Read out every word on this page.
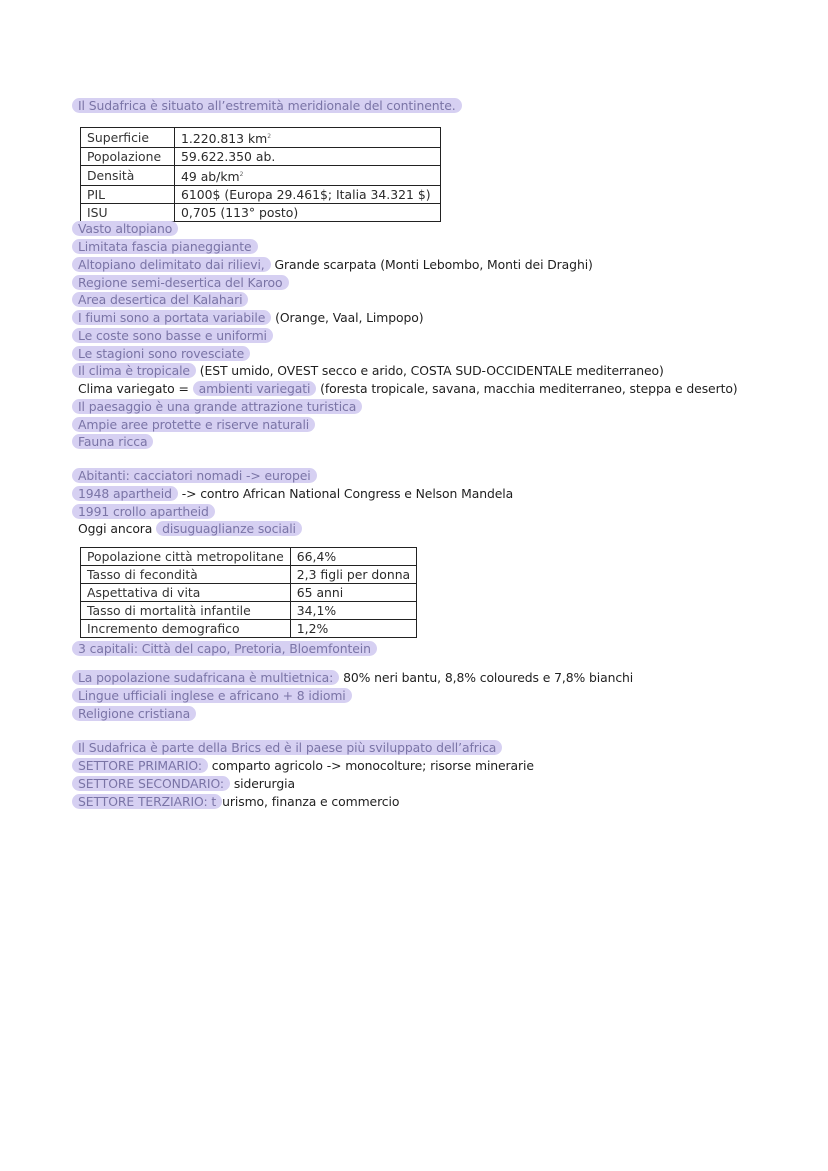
Il Sudafrica è situato all’estremità meridionale del continente.
Superficie	1.220.813 $km^2$
Popolazione	59.622.350 ab.
Densità	49 $ab/km^2$
PIL	6100$ (Europa 29.461$; Italia 34.321 $)
ISU	0,705 (113° posto)
Vasto altopiano
Limitata fascia pianeggiante
Altopiano delimitato dai rilievi, Grande scarpata (Monti Lebombo, Monti dei Draghi)
Regione semi-desertica del Karoo
Area desertica del Kalahari
I fiumi sono a portata variabile (Orange, Vaal, Limpopo)
Le coste sono basse e uniformi
Le stagioni sono rovesciate
Il clima è tropicale (EST umido, OVEST secco e arido, COSTA SUD-OCCIDENTALE mediterraneo)
Clima variegato = ambienti variegati (foresta tropicale, savana, macchia mediterraneo, steppa e deserto)
Il paesaggio è una grande attrazione turistica
Ampie aree protette e riserve naturali
Fauna ricca
Abitanti: cacciatori nomadi -> europei
1948 apartheid -> contro African National Congress e Nelson Mandela
1991 crollo apartheid
Oggi ancora disuguaglianze sociali
Popolazione città metropolitane	66,4%
Tasso di fecondità	2,3 figli per donna
Aspettativa di vita	65 anni
Tasso di mortalità infantile	34,1%
Incremento demografico	1,2%
3 capitali: Città del capo, Pretoria, Bloemfontein
La popolazione sudafricana è multietnica: 80% neri bantu, 8,8% coloureds e 7,8% bianchi
Lingue ufficiali inglese e africano + 8 idiomi
Religione cristiana
Il Sudafrica è parte della Brics ed è il paese più sviluppato dell’africa
SETTORE PRIMARIO: comparto agricolo -> monocolture; risorse minerarie
SETTORE SECONDARIO: siderurgia
SETTORE TERZIARIO: t urismo, finanza e commercio
